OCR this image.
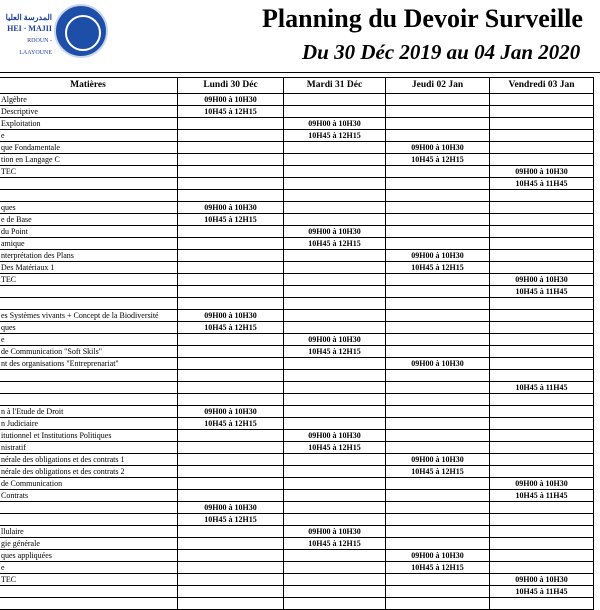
المدرسة العليا
HEI · MAJII
RDOUN - LAAYOUNE
Planning du Devoir Surveille
Du 30 Déc 2019 au 04 Jan 2020
Matières	Lundi 30 Déc	Mardi 31 Déc	Jeudi 02 Jan	Vendredi 03 Jan
Algèbre	09H00 à 10H30			
Descriptive	10H45 à 12H15			
Exploitation		09H00 à 10H30		
e		10H45 à 12H15		
que Fondamentale			09H00 à 10H30	
tion en Langage C			10H45 à 12H15	
TEC				09H00 à 10H30
				10H45 à 11H45

ques	09H00 à 10H30			
e de Base	10H45 à 12H15			
du Point		09H00 à 10H30		
amique		10H45 à 12H15		
nterprétation des Plans			09H00 à 10H30	
Des Matériaux 1			10H45 à 12H15	
TEC				09H00 à 10H30
				10H45 à 11H45

es Systèmes vivants + Concept de la Biodiversité	09H00 à 10H30			
ques	10H45 à 12H15			
e		09H00 à 10H30		
de Communication "Soft Skils"		10H45 à 12H15		
nt des organisations "Entreprenariat"			09H00 à 10H30	

				10H45 à 11H45

n à l'Etude de Droit	09H00 à 10H30			
n Judiciaire	10H45 à 12H15			
itutionnel et Institutions Politiques		09H00 à 10H30		
nistratif		10H45 à 12H15		
nérale des obligations et des contrats 1			09H00 à 10H30	
nérale des obligations et des contrats 2			10H45 à 12H15	
de Communication				09H00 à 10H30
Contrats				10H45 à 11H45
	09H00 à 10H30			
	10H45 à 12H15			
llulaire		09H00 à 10H30		
gie générale		10H45 à 12H15		
ques appliquées			09H00 à 10H30	
e			10H45 à 12H15	
TEC				09H00 à 10H30
				10H45 à 11H45
